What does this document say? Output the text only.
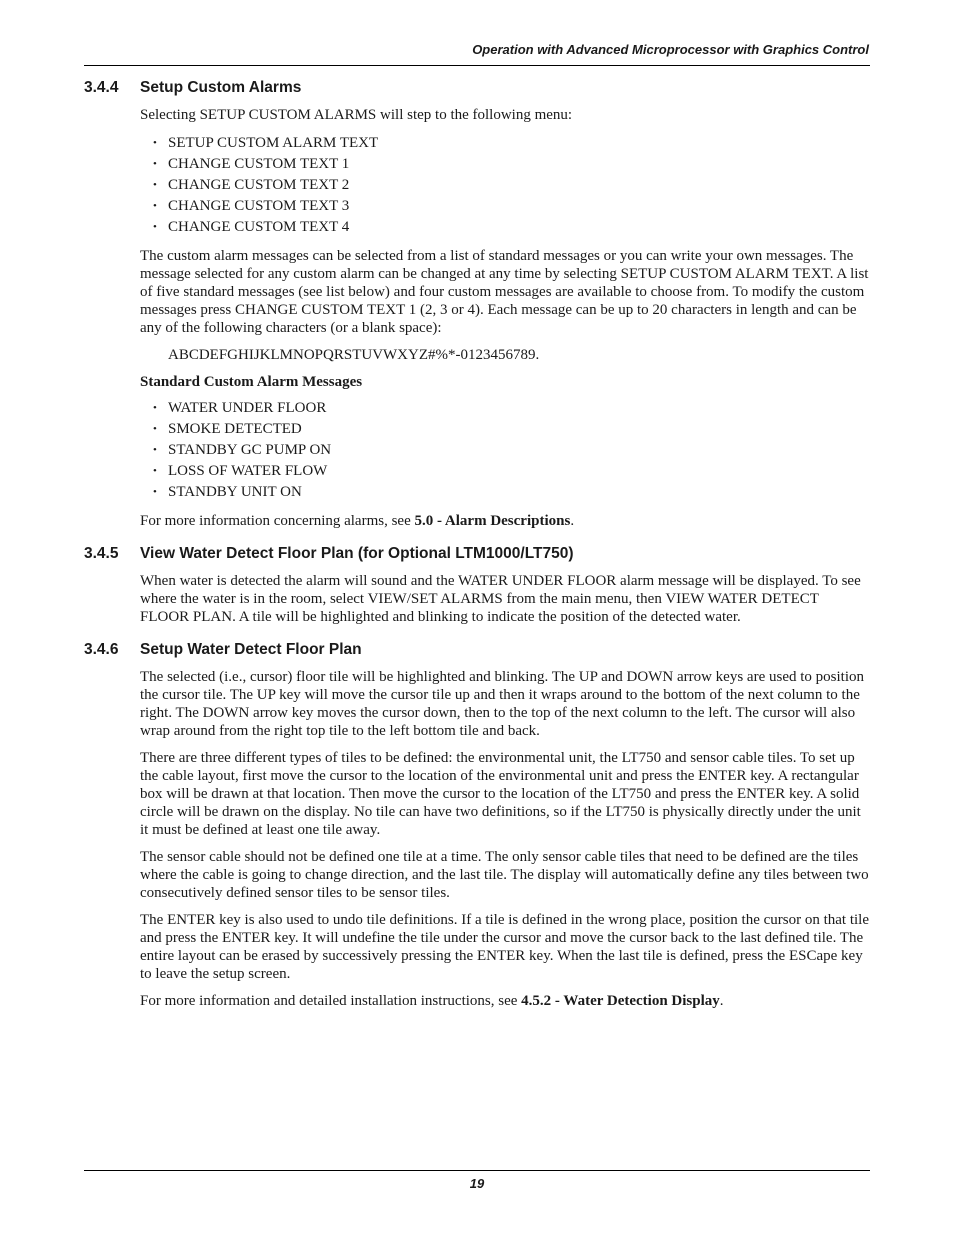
Operation with Advanced Microprocessor with Graphics Control
3.4.4 Setup Custom Alarms

Selecting SETUP CUSTOM ALARMS will step to the following menu:

• SETUP CUSTOM ALARM TEXT
• CHANGE CUSTOM TEXT 1
• CHANGE CUSTOM TEXT 2
• CHANGE CUSTOM TEXT 3
• CHANGE CUSTOM TEXT 4

The custom alarm messages can be selected from a list of standard messages or you can write your own messages. The message selected for any custom alarm can be changed at any time by selecting SETUP CUSTOM ALARM TEXT. A list of five standard messages (see list below) and four custom messages are available to choose from. To modify the custom messages press CHANGE CUSTOM TEXT 1 (2, 3 or 4). Each message can be up to 20 characters in length and can be any of the following characters (or a blank space):

ABCDEFGHIJKLMNOPQRSTUVWXYZ#%*-0123456789.

Standard Custom Alarm Messages

• WATER UNDER FLOOR
• SMOKE DETECTED
• STANDBY GC PUMP ON
• LOSS OF WATER FLOW
• STANDBY UNIT ON

For more information concerning alarms, see 5.0 - Alarm Descriptions.

3.4.5 View Water Detect Floor Plan (for Optional LTM1000/LT750)

When water is detected the alarm will sound and the WATER UNDER FLOOR alarm message will be displayed. To see where the water is in the room, select VIEW/SET ALARMS from the main menu, then VIEW WATER DETECT FLOOR PLAN. A tile will be highlighted and blinking to indicate the position of the detected water.

3.4.6 Setup Water Detect Floor Plan

The selected (i.e., cursor) floor tile will be highlighted and blinking. The UP and DOWN arrow keys are used to position the cursor tile. The UP key will move the cursor tile up and then it wraps around to the bottom of the next column to the right. The DOWN arrow key moves the cursor down, then to the top of the next column to the left. The cursor will also wrap around from the right top tile to the left bottom tile and back.

There are three different types of tiles to be defined: the environmental unit, the LT750 and sensor cable tiles. To set up the cable layout, first move the cursor to the location of the environmental unit and press the ENTER key. A rectangular box will be drawn at that location. Then move the cursor to the location of the LT750 and press the ENTER key. A solid circle will be drawn on the display. No tile can have two definitions, so if the LT750 is physically directly under the unit it must be defined at least one tile away.

The sensor cable should not be defined one tile at a time. The only sensor cable tiles that need to be defined are the tiles where the cable is going to change direction, and the last tile. The display will automatically define any tiles between two consecutively defined sensor tiles to be sensor tiles.

The ENTER key is also used to undo tile definitions. If a tile is defined in the wrong place, position the cursor on that tile and press the ENTER key. It will undefine the tile under the cursor and move the cursor back to the last defined tile. The entire layout can be erased by successively pressing the ENTER key. When the last tile is defined, press the ESCape key to leave the setup screen.

For more information and detailed installation instructions, see 4.5.2 - Water Detection Display.

19
